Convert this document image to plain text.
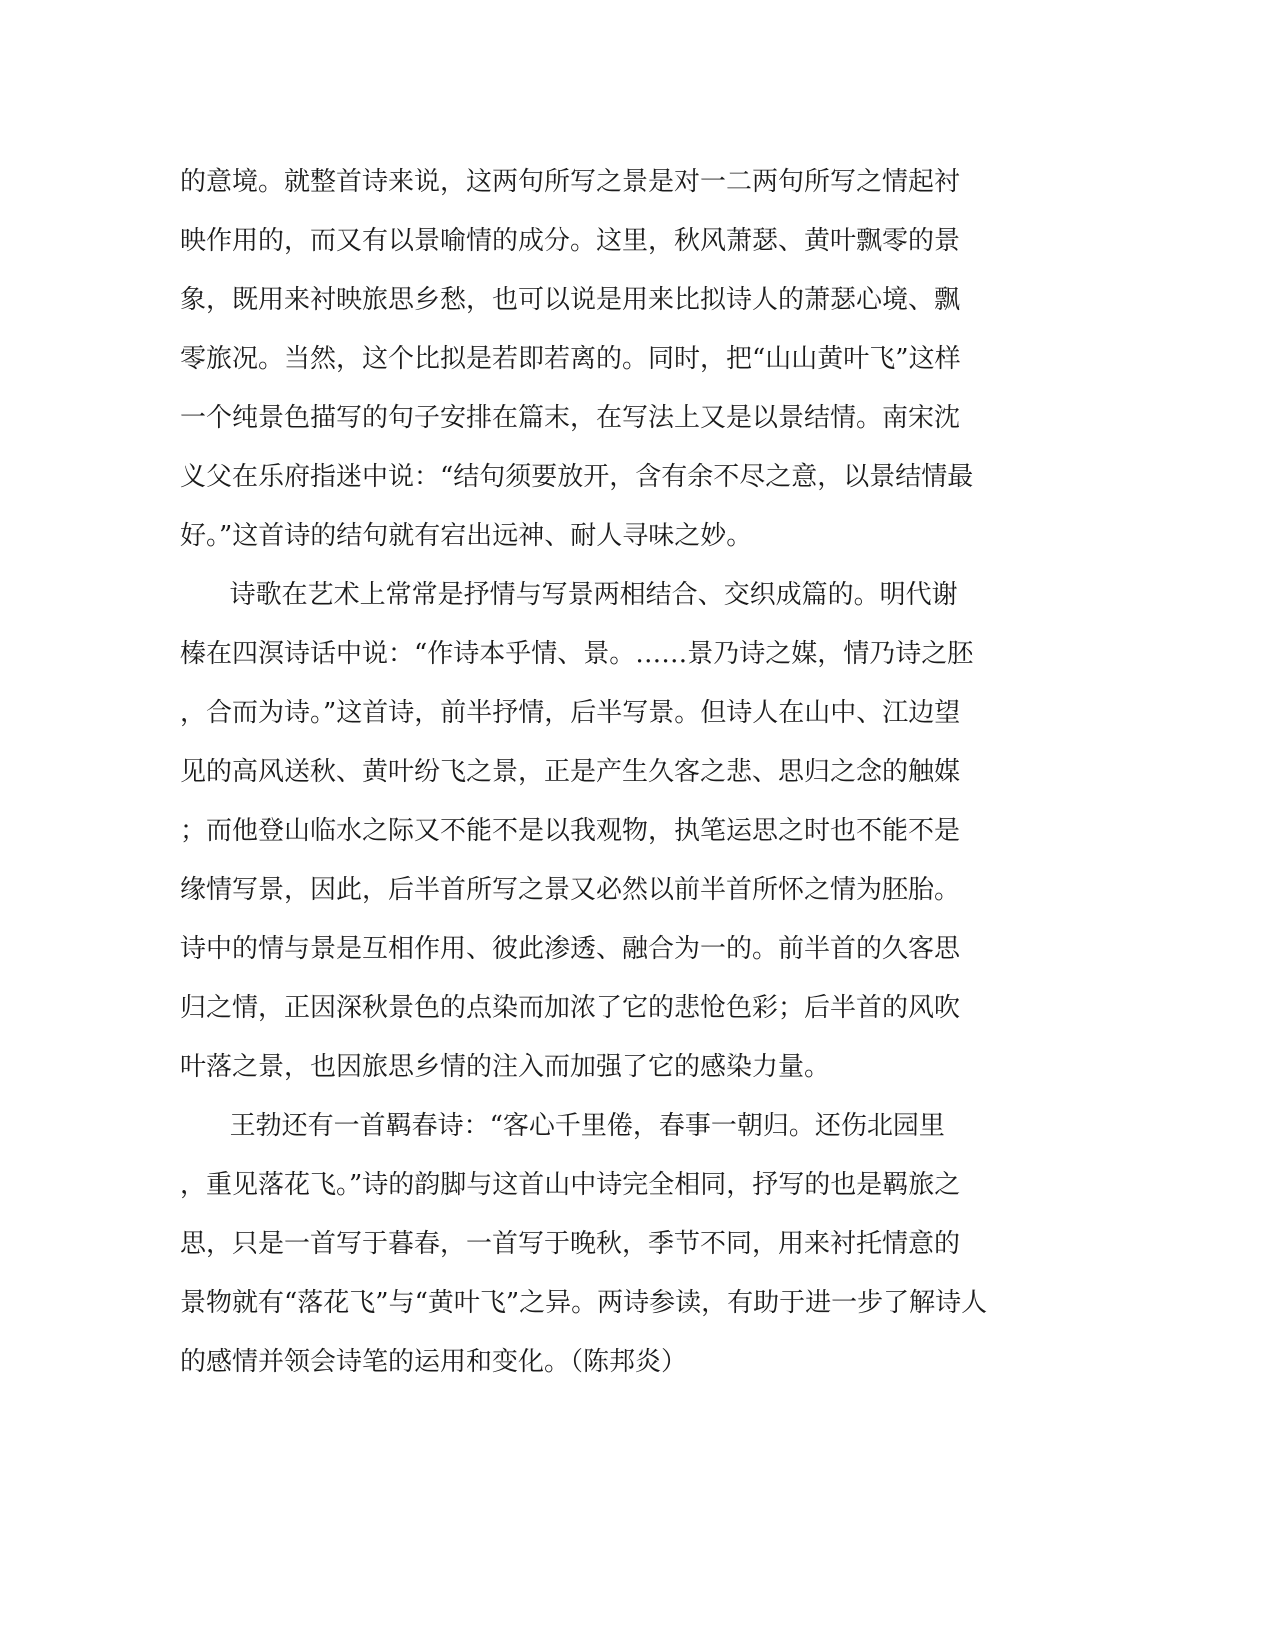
的意境。就整首诗来说，这两句所写之景是对一二两句所写之情起衬
映作用的，而又有以景喻情的成分。这里，秋风萧瑟、黄叶飘零的景
象，既用来衬映旅思乡愁，也可以说是用来比拟诗人的萧瑟心境、飘
零旅况。当然，这个比拟是若即若离的。同时，把“山山黄叶飞”这样
一个纯景色描写的句子安排在篇末，在写法上又是以景结情。南宋沈
义父在乐府指迷中说：“结句须要放开，含有余不尽之意，以景结情最
好。”这首诗的结句就有宕出远神、耐人寻味之妙。
诗歌在艺术上常常是抒情与写景两相结合、交织成篇的。明代谢
榛在四溟诗话中说：“作诗本乎情、景。……景乃诗之媒，情乃诗之胚
，合而为诗。”这首诗，前半抒情，后半写景。但诗人在山中、江边望
见的高风送秋、黄叶纷飞之景，正是产生久客之悲、思归之念的触媒
；而他登山临水之际又不能不是以我观物，执笔运思之时也不能不是
缘情写景，因此，后半首所写之景又必然以前半首所怀之情为胚胎。
诗中的情与景是互相作用、彼此渗透、融合为一的。前半首的久客思
归之情，正因深秋景色的点染而加浓了它的悲怆色彩；后半首的风吹
叶落之景，也因旅思乡情的注入而加强了它的感染力量。
王勃还有一首羁春诗：“客心千里倦，春事一朝归。还伤北园里
，重见落花飞。”诗的韵脚与这首山中诗完全相同，抒写的也是羁旅之
思，只是一首写于暮春，一首写于晚秋，季节不同，用来衬托情意的
景物就有“落花飞”与“黄叶飞”之异。两诗参读，有助于进一步了解诗人
的感情并领会诗笔的运用和变化。（陈邦炎）
